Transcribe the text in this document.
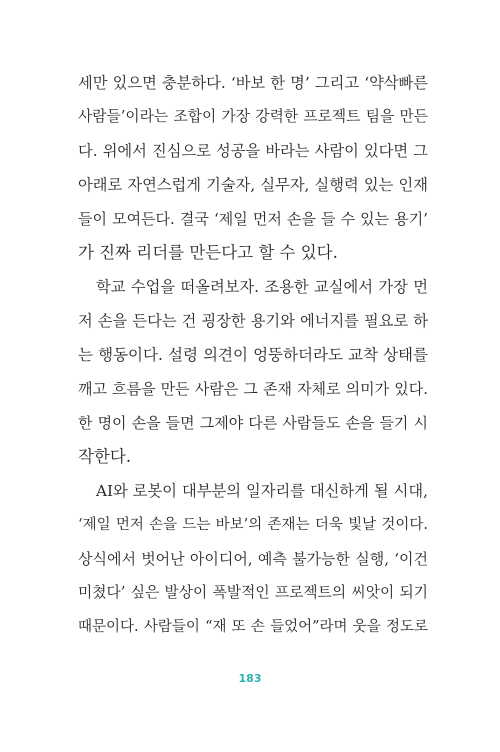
세만 있으면 충분하다. ‘바보 한 명’ 그리고 ‘약삭빠른
사람들’이라는 조합이 가장 강력한 프로젝트 팀을 만든
다. 위에서 진심으로 성공을 바라는 사람이 있다면 그
아래로 자연스럽게 기술자, 실무자, 실행력 있는 인재
들이 모여든다. 결국 ‘제일 먼저 손을 들 수 있는 용기’
가 진짜 리더를 만든다고 할 수 있다.
학교 수업을 떠올려보자. 조용한 교실에서 가장 먼
저 손을 든다는 건 굉장한 용기와 에너지를 필요로 하
는 행동이다. 설령 의견이 엉뚱하더라도 교착 상태를
깨고 흐름을 만든 사람은 그 존재 자체로 의미가 있다.
한 명이 손을 들면 그제야 다른 사람들도 손을 들기 시
작한다.
AI와 로봇이 대부분의 일자리를 대신하게 될 시대,
‘제일 먼저 손을 드는 바보’의 존재는 더욱 빛날 것이다.
상식에서 벗어난 아이디어, 예측 불가능한 실행, ‘이건
미쳤다’ 싶은 발상이 폭발적인 프로젝트의 씨앗이 되기
때문이다. 사람들이 “재 또 손 들었어”라며 웃을 정도로
183
